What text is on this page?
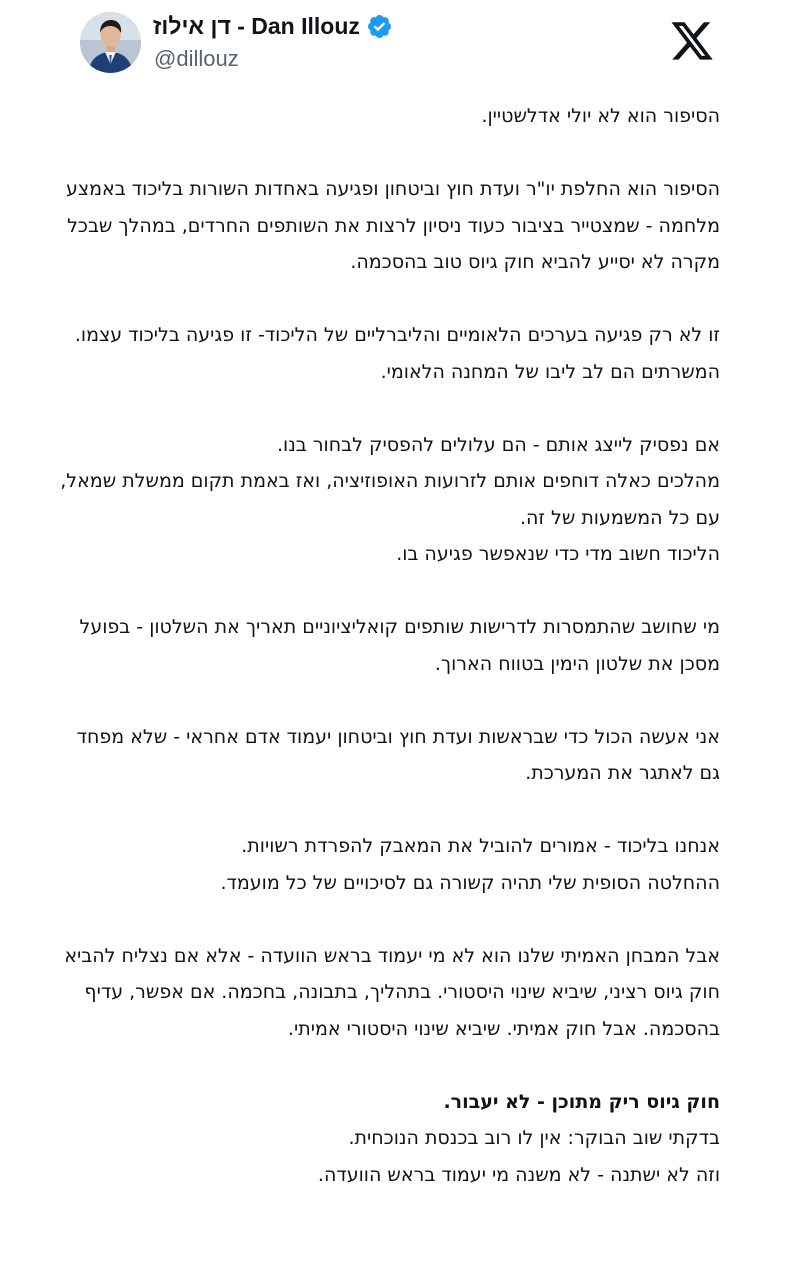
דן אילוז - Dan Illouz
@dillouz

הסיפור הוא לא יולי אדלשטיין.

הסיפור הוא החלפת יו"ר ועדת חוץ וביטחון ופגיעה באחדות השורות בליכוד באמצע מלחמה - שמצטייר בציבור כעוד ניסיון לרצות את השותפים החרדים, במהלך שבכל מקרה לא יסייע להביא חוק גיוס טוב בהסכמה.

זו לא רק פגיעה בערכים הלאומיים והליברליים של הליכוד- זו פגיעה בליכוד עצמו. המשרתים הם לב ליבו של המחנה הלאומי.

אם נפסיק לייצג אותם - הם עלולים להפסיק לבחור בנו.
מהלכים כאלה דוחפים אותם לזרועות האופוזיציה, ואז באמת תקום ממשלת שמאל, עם כל המשמעות של זה.
הליכוד חשוב מדי כדי שנאפשר פגיעה בו.

מי שחושב שהתמסרות לדרישות שותפים קואליציוניים תאריך את השלטון - בפועל מסכן את שלטון הימין בטווח הארוך.

אני אעשה הכול כדי שבראשות ועדת חוץ וביטחון יעמוד אדם אחראי - שלא מפחד גם לאתגר את המערכת.

אנחנו בליכוד - אמורים להוביל את המאבק להפרדת רשויות.
ההחלטה הסופית שלי תהיה קשורה גם לסיכויים של כל מועמד.

אבל המבחן האמיתי שלנו הוא לא מי יעמוד בראש הוועדה - אלא אם נצליח להביא חוק גיוס רציני, שיביא שינוי היסטורי. בתהליך, בתבונה, בחכמה. אם אפשר, עדיף בהסכמה. אבל חוק אמיתי. שיביא שינוי היסטורי אמיתי.

חוק גיוס ריק מתוכן - לא יעבור.

בדקתי שוב הבוקר: אין לו רוב בכנסת הנוכחית.
וזה לא ישתנה - לא משנה מי יעמוד בראש הוועדה.
